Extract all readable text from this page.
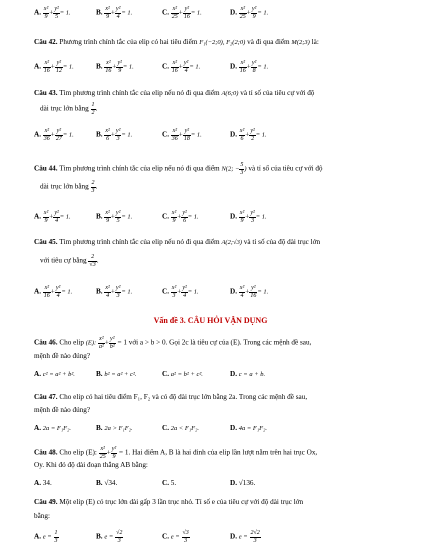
A. $\frac{\text{x²}}{9} + \frac{\text{y²}}{5} = 1$.	B. $\frac{\text{x²}}{9} + \frac{\text{y²}}{4} = 1$.	C. $\frac{\text{x²}}{25} + \frac{\text{y²}}{16} = 1$.	D. $\frac{\text{x²}}{25} + \frac{\text{y²}}{9} = 1$.
Câu 42. Phương trình chính tắc của elip có hai tiêu điểm F₁(−2;0), F₂(2;0) và đi qua điểm M(2;3) là:
A. $\frac{\text{x²}}{16} + \frac{\text{y²}}{12} = 1$.	B. $\frac{\text{x²}}{16} + \frac{\text{y²}}{9} = 1$.	C. $\frac{\text{x²}}{16} + \frac{\text{y²}}{4} = 1$.	D. $\frac{\text{x²}}{16} + \frac{\text{y²}}{8} = 1$.
Câu 43. Tìm phương trình chính tắc của elip nếu nó đi qua điểm A(6;0) và tỉ số của tiêu cự với độ
dài trục lớn bằng $\frac{1}{2}$ .
A. $\frac{\text{x²}}{36} + \frac{\text{y²}}{27} = 1$.	B. $\frac{\text{x²}}{6} + \frac{\text{y²}}{3} = 1$.	C. $\frac{\text{x²}}{36} + \frac{\text{y²}}{18} = 1$.	D. $\frac{\text{x²}}{6} + \frac{\text{y²}}{2} = 1$.
Câu 44. Tìm phương trình chính tắc của elip nếu nó đi qua điểm N(2; − $\frac{5}{3}$ ) và tỉ số của tiêu cự với độ
dài trục lớn bằng $\frac{2}{3}$ .
A. $\frac{\text{x²}}{9} + \frac{\text{y²}}{4} = 1$.	B. $\frac{\text{x²}}{9} + \frac{\text{y²}}{5} = 1$.	C. $\frac{\text{x²}}{9} + \frac{\text{y²}}{6} = 1$.	D. $\frac{\text{x²}}{9} + \frac{\text{y²}}{3} = 1$.
Câu 45. Tìm phương trình chính tắc của elip nếu nó đi qua điểm A(2;√3) và tỉ số của độ dài trục lớn
với tiêu cự bằng $\frac{2}{√3}$ .
A. $\frac{\text{x²}}{16} + \frac{\text{y²}}{4} = 1$.	B. $\frac{\text{x²}}{4} + \frac{\text{y²}}{3} = 1$.	C. $\frac{\text{x²}}{3} + \frac{\text{y²}}{4} = 1$.	D. $\frac{\text{x²}}{4} + \frac{\text{y²}}{16} = 1$.
Vấn đề 3. CÂU HỎI VẬN DỤNG
Câu 46. Cho elip (E): $\frac{\text{x²}}{\text{a²}} + \frac{\text{y²}}{\text{b²}} = 1$ với a > b > 0. Gọi 2c là tiêu cự của (E). Trong các mệnh đề sau,
mệnh đề nào đúng?
A. c² = a² + b².	B. b² = a² + c².	C. a² = b² + c².	D. c = a + b.
Câu 47. Cho elip có hai tiêu điểm F₁, F₂ và có độ dài trục lớn bằng 2a. Trong các mệnh đề sau,
mệnh đề nào đúng?
A. 2a = F₁F₂.	B. 2a > F₁F₂.	C. 2a < F₁F₂.	D. 4a = F₁F₂.
Câu 48. Cho elip (E): $\frac{\text{x²}}{25} + \frac{\text{y²}}{9} = 1$. Hai điểm A, B là hai đỉnh của elip lần lượt nằm trên hai trục Ox,
Oy. Khi đó độ dài đoạn thẳng AB bằng:
A. 34.	B. √34.	C. 5.	D. √136.
Câu 49. Một elip (E) có trục lớn dài gấp 3 lần trục nhỏ. Tỉ số e của tiêu cự với độ dài trục lớn
bằng:
A. $e = \frac{1}{3}$	B. $e = \frac{√2}{3}$	C. $e = \frac{√3}{3}$	D. $e = \frac{2√2}{3}$
